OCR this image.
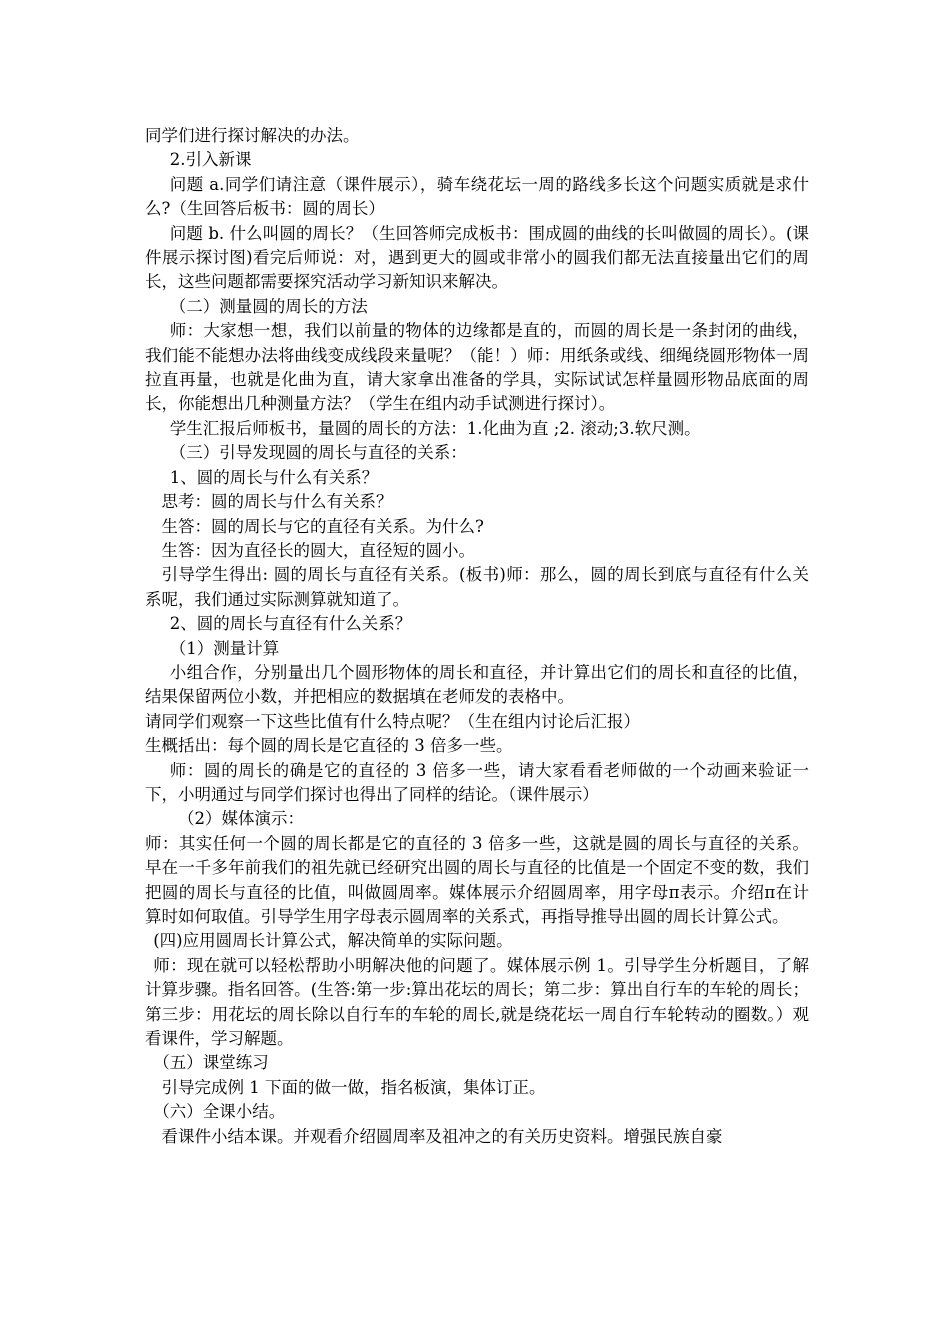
同学们进行探讨解决的办法。

2.引入新课

问题 a.同学们请注意（课件展示），骑车绕花坛一周的路线多长这个问题实质就是求什么?（生回答后板书：圆的周长）

问题 b. 什么叫圆的周长？（生回答师完成板书：围成圆的曲线的长叫做圆的周长）。(课件展示探讨图)看完后师说：对，遇到更大的圆或非常小的圆我们都无法直接量出它们的周长，这些问题都需要探究活动学习新知识来解决。

（二）测量圆的周长的方法

师：大家想一想，我们以前量的物体的边缘都是直的，而圆的周长是一条封闭的曲线，我们能不能想办法将曲线变成线段来量呢？（能！）师：用纸条或线、细绳绕圆形物体一周拉直再量，也就是化曲为直，请大家拿出准备的学具，实际试试怎样量圆形物品底面的周长，你能想出几种测量方法？（学生在组内动手试测进行探讨）。

学生汇报后师板书，量圆的周长的方法：1.化曲为直 ;2. 滚动;3.软尺测。

（三）引导发现圆的周长与直径的关系：

1、圆的周长与什么有关系？

思考：圆的周长与什么有关系？

生答：圆的周长与它的直径有关系。为什么?

生答：因为直径长的圆大，直径短的圆小。

引导学生得出: 圆的周长与直径有关系。(板书)师：那么，圆的周长到底与直径有什么关系呢，我们通过实际测算就知道了。

2、圆的周长与直径有什么关系？

（1）测量计算

小组合作，分别量出几个圆形物体的周长和直径，并计算出它们的周长和直径的比值，结果保留两位小数，并把相应的数据填在老师发的表格中。

请同学们观察一下这些比值有什么特点呢？（生在组内讨论后汇报）

生概括出：每个圆的周长是它直径的 3 倍多一些。

师：圆的周长的确是它的直径的 3 倍多一些，请大家看看老师做的一个动画来验证一下，小明通过与同学们探讨也得出了同样的结论。（课件展示）

（2）媒体演示：

师：其实任何一个圆的周长都是它的直径的 3 倍多一些，这就是圆的周长与直径的关系。 早在一千多年前我们的祖先就已经研究出圆的周长与直径的比值是一个固定不变的数，我们把圆的周长与直径的比值，叫做圆周率。媒体展示介绍圆周率，用字母π表示。介绍π在计算时如何取值。引导学生用字母表示圆周率的关系式，再指导推导出圆的周长计算公式。

(四)应用圆周长计算公式，解决简单的实际问题。

师：现在就可以轻松帮助小明解决他的问题了。媒体展示例 1。引导学生分析题目，了解计算步骤。指名回答。(生答:第一步:算出花坛的周长；第二步：算出自行车的车轮的周长；第三步：用花坛的周长除以自行车的车轮的周长,就是绕花坛一周自行车轮转动的圈数。）观看课件，学习解题。

（五）课堂练习

引导完成例 1 下面的做一做，指名板演，集体订正。

（六）全课小结。

看课件小结本课。并观看介绍圆周率及祖冲之的有关历史资料。增强民族自豪
